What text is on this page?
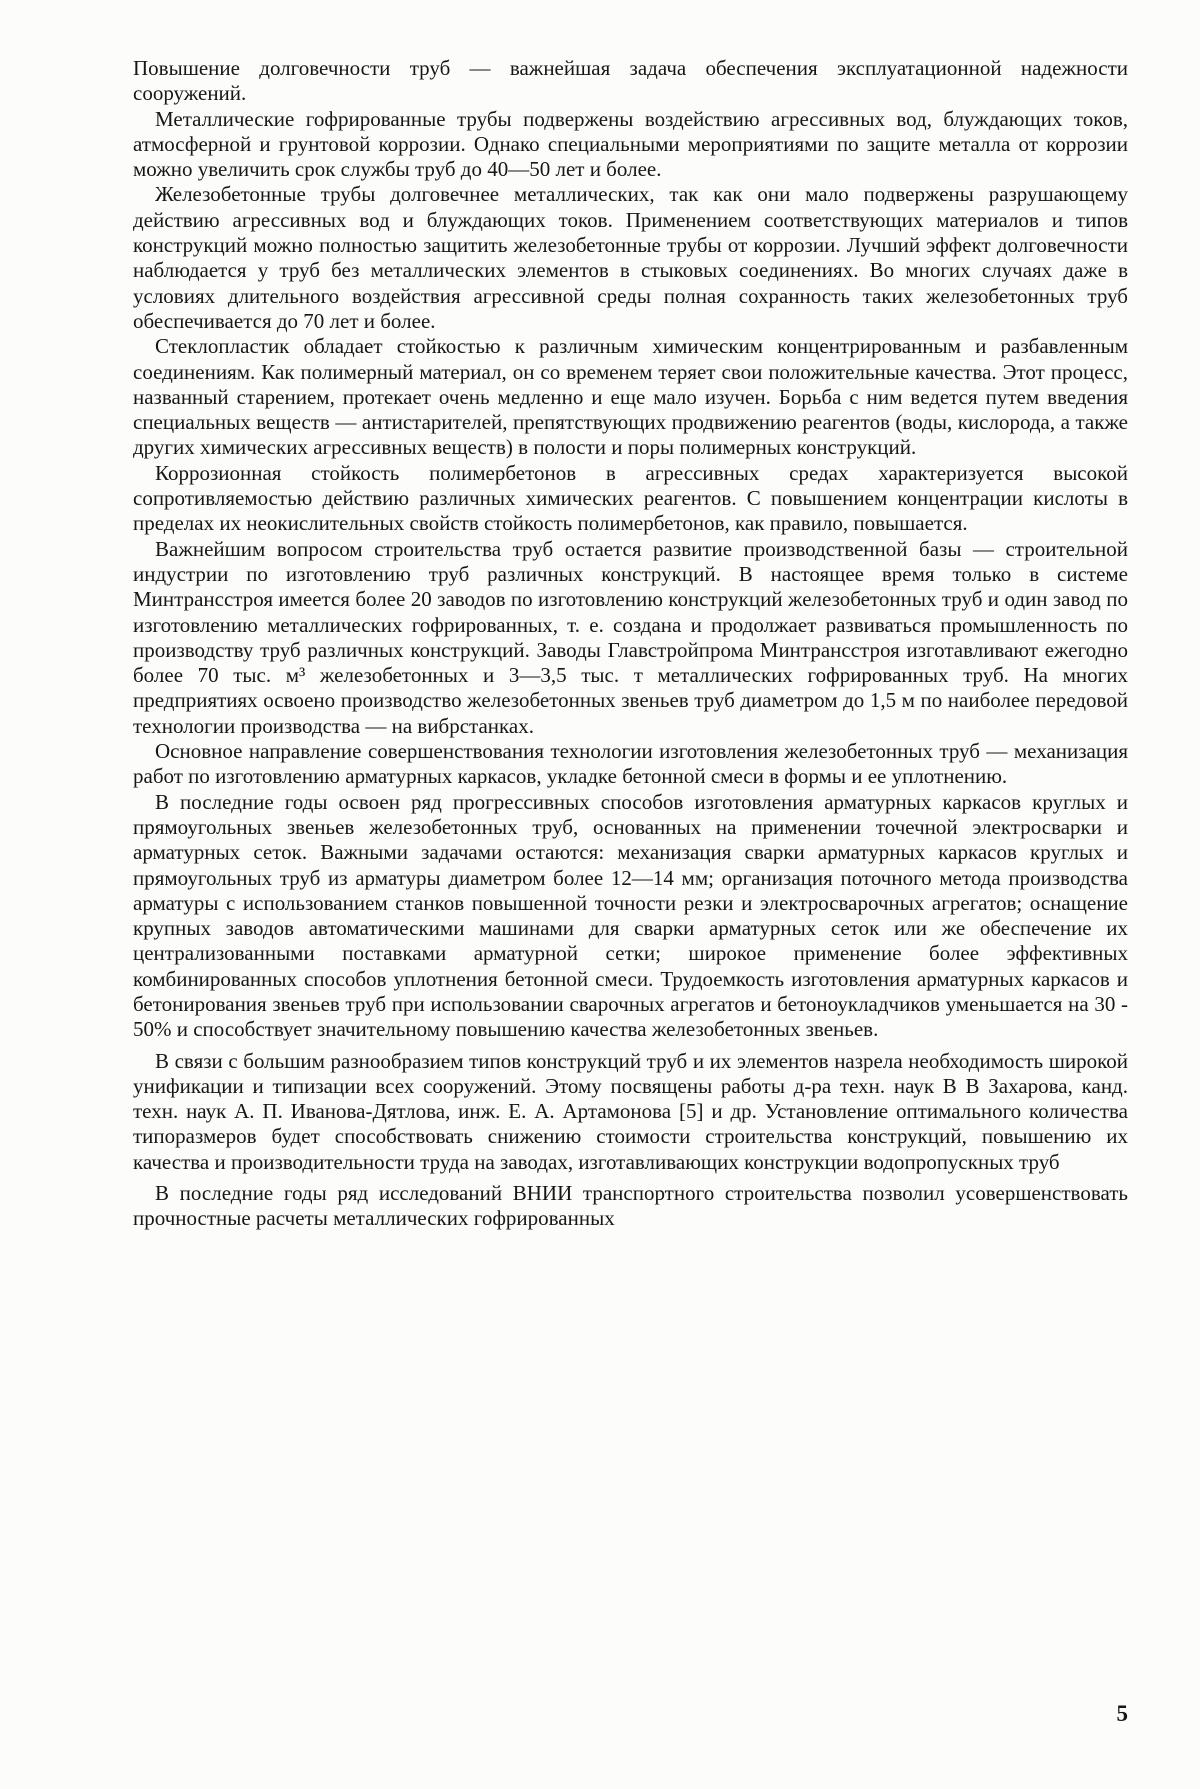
Повышение долговечности труб — важнейшая задача обеспечения эксплуатационной надежности сооружений.

Металлические гофрированные трубы подвержены воздействию агрессивных вод, блуждающих токов, атмосферной и грунтовой коррозии. Однако специальными мероприятиями по защите металла от коррозии можно увеличить срок службы труб до 40—50 лет и более.

Железобетонные трубы долговечнее металлических, так как они мало подвержены разрушающему действию агрессивных вод и блуждающих токов. Применением соответствующих материалов и типов конструкций можно полностью защитить железобетонные трубы от коррозии. Лучший эффект долговечности наблюдается у труб без металлических элементов в стыковых соединениях. Во многих случаях даже в условиях длительного воздействия агрессивной среды полная сохранность таких железобетонных труб обеспечивается до 70 лет и более.

Стеклопластик обладает стойкостью к различным химическим концентрированным и разбавленным соединениям. Как полимерный материал, он со временем теряет свои положительные качества. Этот процесс, названный старением, протекает очень медленно и еще мало изучен. Борьба с ним ведется путем введения специальных веществ — антистарителей, препятствующих продвижению реагентов (воды, кислорода, а также других химических агрессивных веществ) в полости и поры полимерных конструкций.

Коррозионная стойкость полимербетонов в агрессивных средах характеризуется высокой сопротивляемостью действию различных химических реагентов. С повышением концентрации кислоты в пределах их неокислительных свойств стойкость полимербетонов, как правило, повышается.

Важнейшим вопросом строительства труб остается развитие производственной базы — строительной индустрии по изготовлению труб различных конструкций. В настоящее время только в системе Минтрансстроя имеется более 20 заводов по изготовлению конструкций железобетонных труб и один завод по изготовлению металлических гофрированных, т. е. создана и продолжает развиваться промышленность по производству труб различных конструкций. Заводы Главстройпрома Минтрансстроя изготавливают ежегодно более 70 тыс. м³ железобетонных и 3—3,5 тыс. т металлических гофрированных труб. На многих предприятиях освоено производство железобетонных звеньев труб диаметром до 1,5 м по наиболее передовой технологии производства — на вибрстанках.

Основное направление совершенствования технологии изготовления железобетонных труб — механизация работ по изготовлению арматурных каркасов, укладке бетонной смеси в формы и ее уплотнению.

В последние годы освоен ряд прогрессивных способов изготовления арматурных каркасов круглых и прямоугольных звеньев железобетонных труб, основанных на применении точечной электросварки и арматурных сеток. Важными задачами остаются: механизация сварки арматурных каркасов круглых и прямоугольных труб из арматуры диаметром более 12—14 мм; организация поточного метода производства арматуры с использованием станков повышенной точности резки и электросварочных агрегатов; оснащение крупных заводов автоматическими машинами для сварки арматурных сеток или же обеспечение их централизованными поставками арматурной сетки; широкое применение более эффективных комбинированных способов уплотнения бетонной смеси. Трудоемкость изготовления арматурных каркасов и бетонирования звеньев труб при использовании сварочных агрегатов и бетоноукладчиков уменьшается на 30 - 50% и способствует значительному повышению качества железобетонных звеньев.

В связи с большим разнообразием типов конструкций труб и их элементов назрела необходимость широкой унификации и типизации всех сооружений. Этому посвящены работы д-ра техн. наук В В Захарова, канд. техн. наук А. П. Иванова-Дятлова, инж. Е. А. Артамонова [5] и др. Установление оптимального количества типоразмеров будет способствовать снижению стоимости строительства конструкций, повышению их качества и производительности труда на заводах, изготавливающих конструкции водопропускных труб

В последние годы ряд исследований ВНИИ транспортного строительства позволил усовершенствовать прочностные расчеты металлических гофрированных

5
